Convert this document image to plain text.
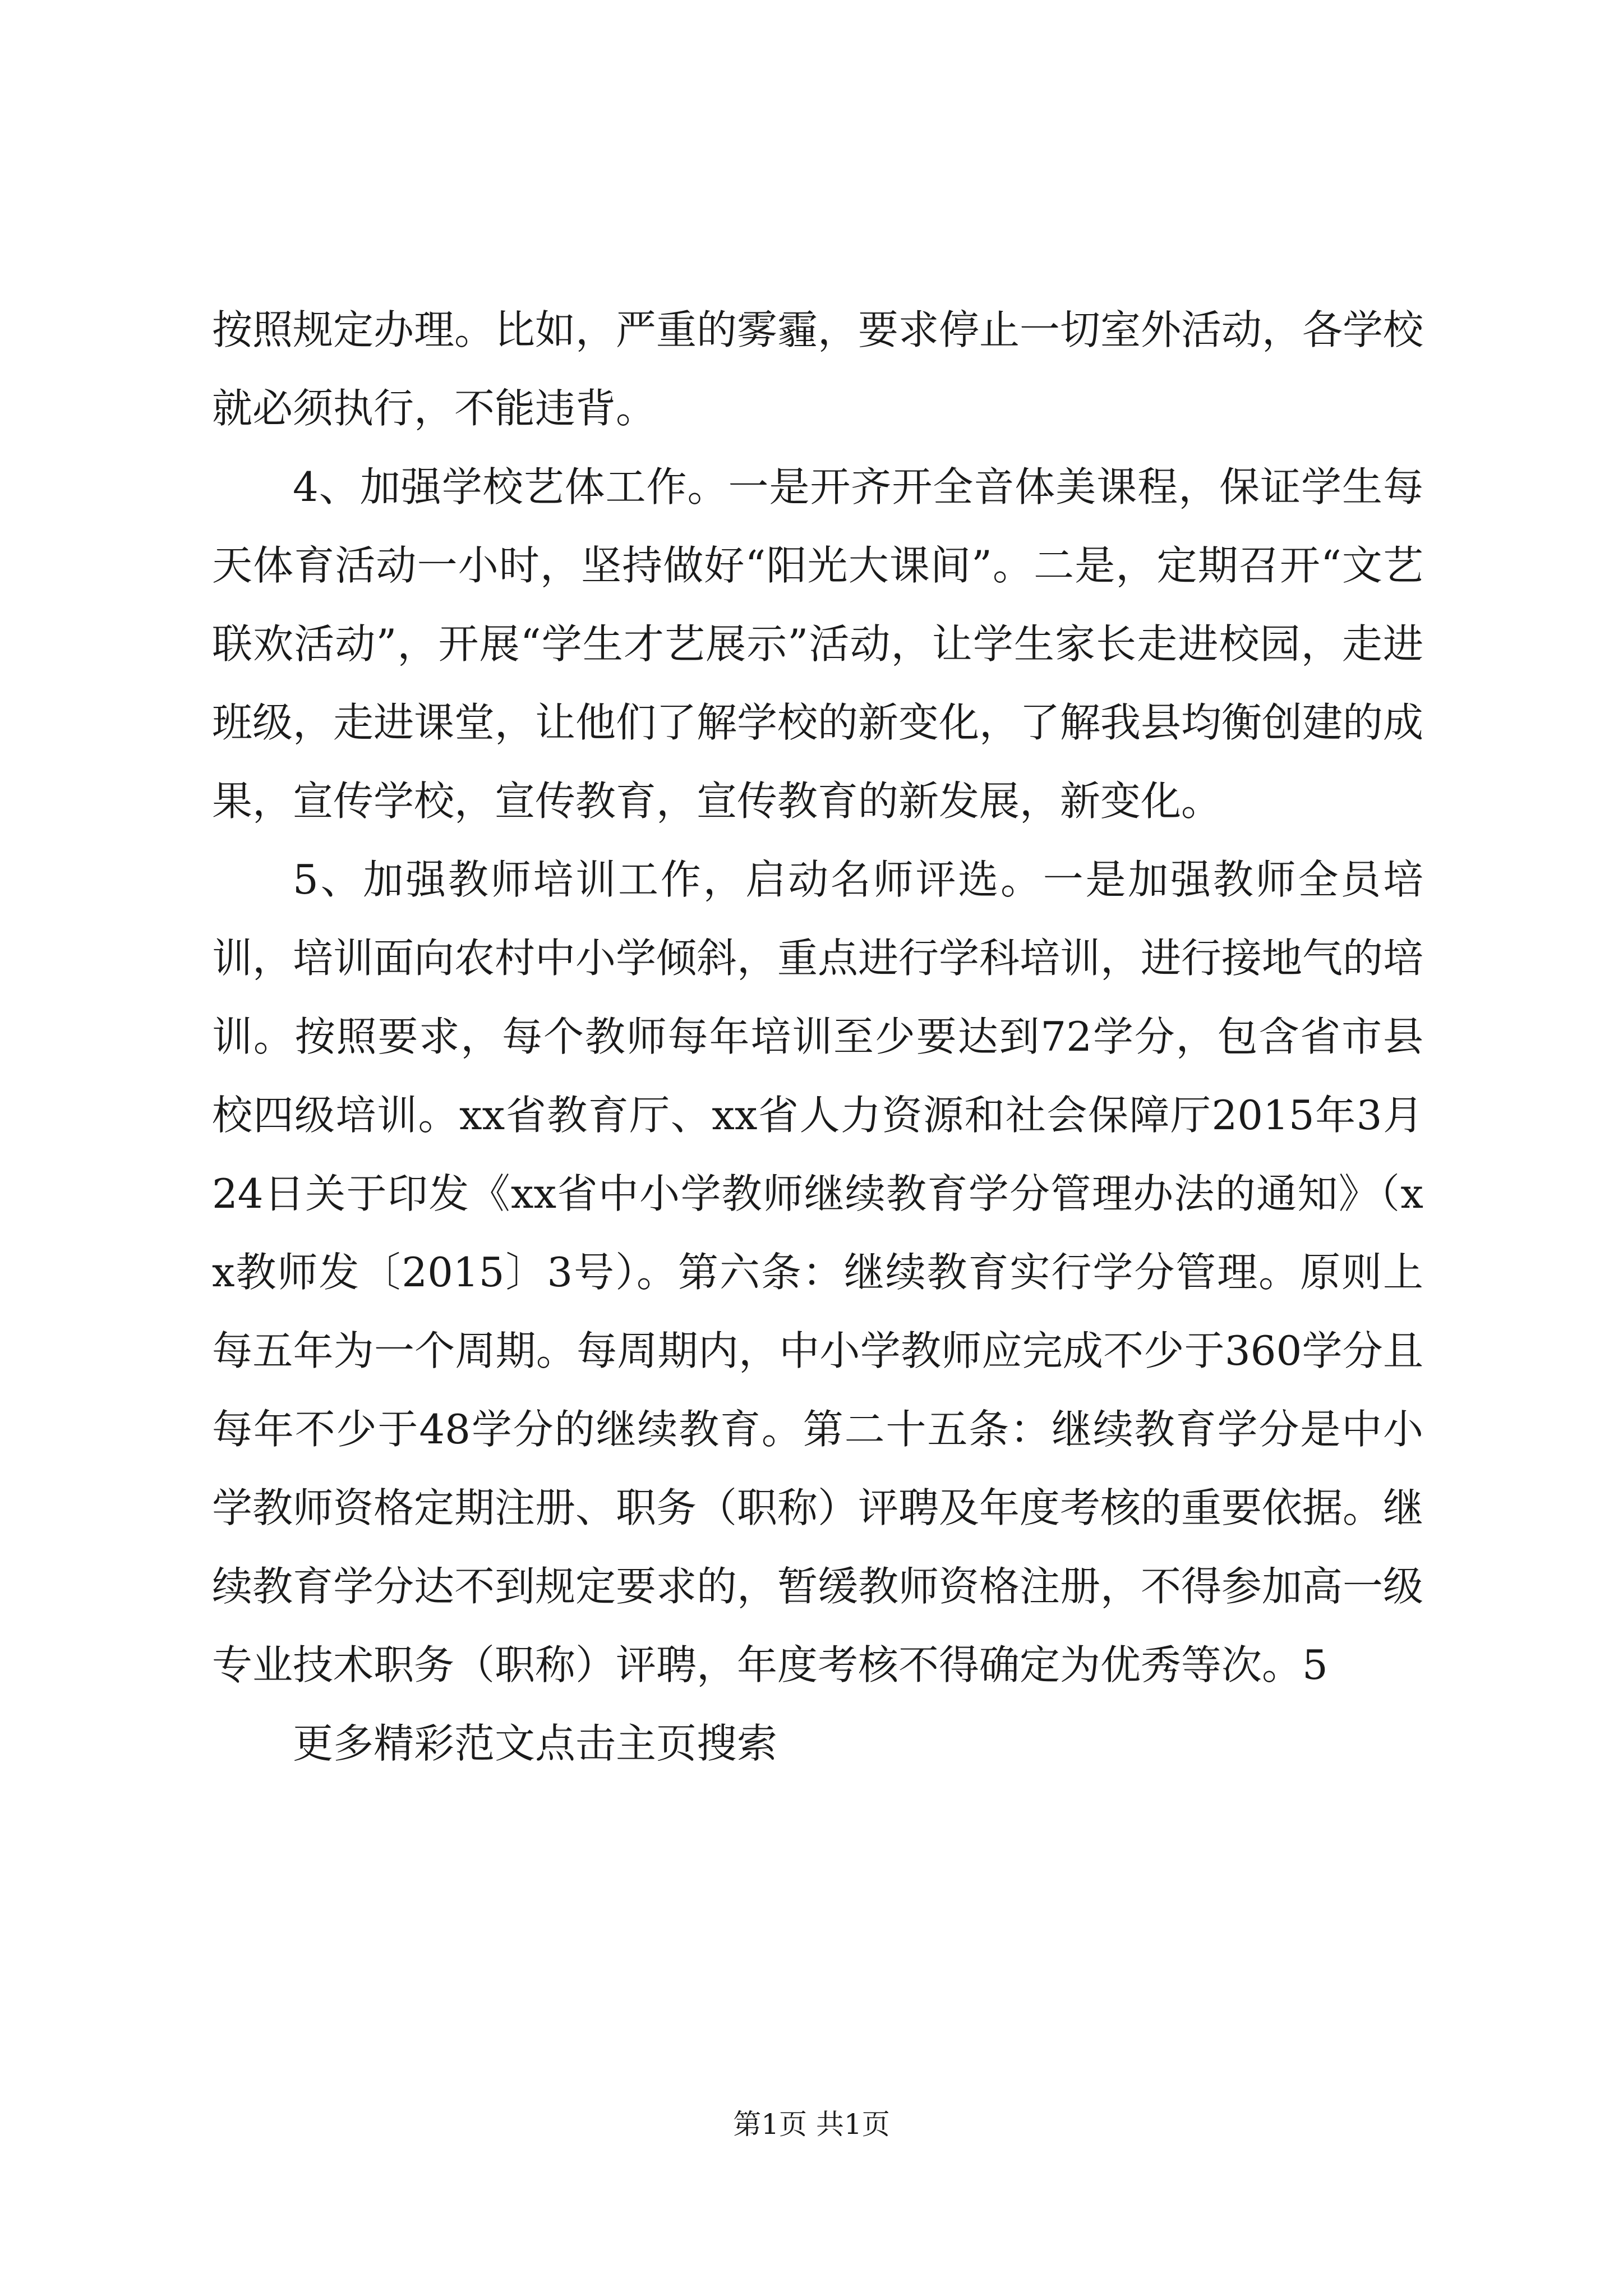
按照规定办理。比如，严重的雾霾，要求停止一切室外活动，各学校就必须执行，不能违背。

4、加强学校艺体工作。一是开齐开全音体美课程，保证学生每天体育活动一小时，坚持做好“阳光大课间”。二是，定期召开“文艺联欢活动”，开展“学生才艺展示”活动，让学生家长走进校园，走进班级，走进课堂，让他们了解学校的新变化，了解我县均衡创建的成果，宣传学校，宣传教育，宣传教育的新发展，新变化。

5、加强教师培训工作，启动名师评选。一是加强教师全员培训，培训面向农村中小学倾斜，重点进行学科培训，进行接地气的培训。按照要求，每个教师每年培训至少要达到72学分，包含省市县校四级培训。xx省教育厅、xx省人力资源和社会保障厅2015年3月24日关于印发《xx省中小学教师继续教育学分管理办法的通知》（xx教师发〔2015〕3号）。第六条：继续教育实行学分管理。原则上每五年为一个周期。每周期内，中小学教师应完成不少于360学分且每年不少于48学分的继续教育。第二十五条：继续教育学分是中小学教师资格定期注册、职务（职称）评聘及年度考核的重要依据。继续教育学分达不到规定要求的，暂缓教师资格注册，不得参加高一级专业技术职务（职称）评聘，年度考核不得确定为优秀等次。5

更多精彩范文点击主页搜索

第1页 共1页
